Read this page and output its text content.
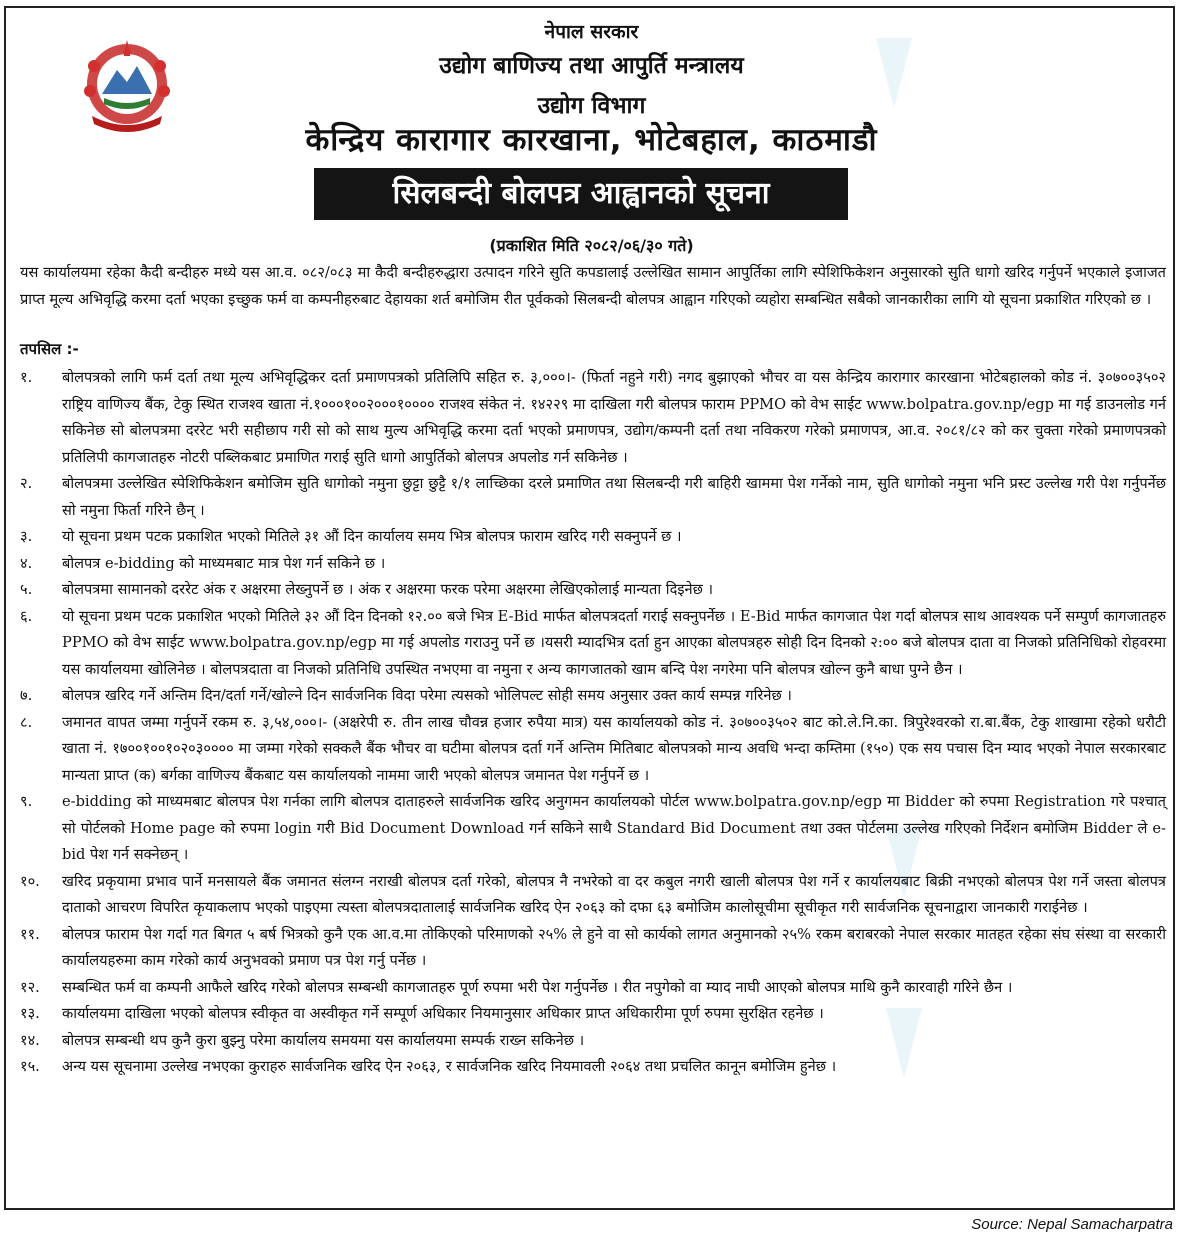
नेपाल सरकार
उद्योग बाणिज्य तथा आपुर्ति मन्त्रालय
उद्योग विभाग
केन्द्रिय कारागार कारखाना, भोटेबहाल, काठमाडौ
सिलबन्दी बोलपत्र आह्वानको सूचना
(प्रकाशित मिति २०८२/०६/३० गते)
यस कार्यालयमा रहेका केैदी बन्दीहरु मध्ये यस आ.व. ०८२/०८३ मा केैदी बन्दीहरुद्धारा उत्पादन गरिने सुति कपडालाई उल्लेखित सामान आपुर्तिका लागि स्पेशिफिकेशन अनुसारको सुति धागो खरिद गर्नुपर्ने भएकाले इजाजत प्राप्त मूल्य अभिवृद्धि करमा दर्ता भएका इच्छुक फर्म वा कम्पनीहरुबाट देहायका शर्त बमोजिम रीत पूर्वकको सिलबन्दी बोलपत्र आह्वान गरिएको व्यहोरा सम्बन्धित सबैको जानकारीका लागि यो सूचना प्रकाशित गरिएको छ ।
तपसिल :-
१.	बोलपत्रको लागि फर्म दर्ता तथा मूल्य अभिवृद्धिकर दर्ता प्रमाणपत्रको प्रतिलिपि सहित रु. ३,०००।- (फिर्ता नहुने गरी) नगद बुझाएको भौचर वा यस केन्द्रिय कारागार कारखाना भोटेबहालको कोड नं. ३०७००३५०२ राष्ट्रिय वाणिज्य बैंक, टेकु स्थित राजश्व खाता नं.१०००१००२०००१०००० राजश्व संकेत नं. १४२२९ मा दाखिला गरी बोलपत्र फाराम PPMO को वेभ साईट www.bolpatra.gov.np/egp मा गई डाउनलोड गर्न सकिनेछ सो बोलपत्रमा दररेट भरी सहीछाप गरी सो को साथ मुल्य अभिवृद्धि करमा दर्ता भएको प्रमाणपत्र, उद्योग/कम्पनी दर्ता तथा नविकरण गरेको प्रमाणपत्र, आ.व. २०८१/८२ को कर चुक्ता गरेको प्रमाणपत्रको प्रतिलिपी कागजातहरु नोटरी पब्लिकबाट प्रमाणित गराई सुति धागो आपुर्तिको बोलपत्र अपलोड गर्न सकिनेछ ।
२.	बोलपत्रमा उल्लेखित स्पेशिफिकेशन बमोजिम सुति धागोको नमुना छुट्टा छुट्टै १/१ लाच्छिका दरले प्रमाणित तथा सिलबन्दी गरी बाहिरी खाममा पेश गर्नेको नाम, सुति धागोको नमुना भनि प्रस्ट उल्लेख गरी पेश गर्नुपर्नेछ सो नमुना फिर्ता गरिने छैन् ।
३.	यो सूचना प्रथम पटक प्रकाशित भएको मितिले ३१ औं दिन कार्यालय समय भित्र बोलपत्र फाराम खरिद गरी सक्नुपर्ने छ ।
४.	बोलपत्र e-bidding को माध्यमबाट मात्र पेश गर्न सकिने छ ।
५.	बोलपत्रमा सामानको दररेट अंक र अक्षरमा लेख्नुपर्ने छ । अंक र अक्षरमा फरक परेमा अक्षरमा लेखिएकोलाई मान्यता दिइनेछ ।
६.	यो सूचना प्रथम पटक प्रकाशित भएको मितिले ३२ औं दिन दिनको १२.०० बजे भित्र E-Bid मार्फत बोलपत्रदर्ता गराई सक्नुपर्नेछ । E-Bid मार्फत कागजात पेश गर्दा बोलपत्र साथ आवश्यक पर्ने सम्पुर्ण कागजातहरु PPMO को वेभ साईट www.bolpatra.gov.np/egp मा गई अपलोड गराउनु पर्ने छ ।यसरी म्यादभित्र दर्ता हुन आएका बोलपत्रहरु सोही दिन दिनको २:०० बजे बोलपत्र दाता वा निजको प्रतिनिधिको रोहवरमा यस कार्यालयमा खोलिनेछ । बोलपत्रदाता वा निजको प्रतिनिधि उपस्थित नभएमा वा नमुना र अन्य कागजातको खाम बन्दि पेश नगरेमा पनि बोलपत्र खोल्न कुनै बाधा पुग्ने छैन ।
७.	बोलपत्र खरिद गर्ने अन्तिम दिन/दर्ता गर्ने/खोल्ने दिन सार्वजनिक विदा परेमा त्यसको भोलिपल्ट सोही समय अनुसार उक्त कार्य सम्पन्न गरिनेछ ।
८.	जमानत वापत जम्मा गर्नुपर्ने रकम रु. ३,५४,०००।- (अक्षरेपी रु. तीन लाख चौवन्न हजार रुपैया मात्र) यस कार्यालयको कोड नं. ३०७००३५०२ बाट को.ले.नि.का. त्रिपुरेश्वरको रा.बा.बैंक, टेकु शाखामा रहेको धरौटी खाता नं. १७००१००१०२०३०००० मा जम्मा गरेको सक्कलै बैंक भौचर वा घटीमा बोलपत्र दर्ता गर्ने अन्तिम मितिबाट बोलपत्रको मान्य अवधि भन्दा कम्तिमा (१५०) एक सय पचास दिन म्याद भएको नेपाल सरकारबाट मान्यता प्राप्त (क) बर्गका वाणिज्य बैंकबाट यस कार्यालयको नाममा जारी भएको बोलपत्र जमानत पेश गर्नुपर्ने छ ।
९.	e-bidding को माध्यमबाट बोलपत्र पेश गर्नका लागि बोलपत्र दाताहरुले सार्वजनिक खरिद अनुगमन कार्यालयको पोर्टल www.bolpatra.gov.np/egp मा Bidder को रुपमा Registration गरे पश्चात् सो पोर्टलको Home page को रुपमा login गरी Bid Document Download गर्न सकिने साथै Standard Bid Document तथा उक्त पोर्टलमा उल्लेख गरिएको निर्देशन बमोजिम Bidder ले e-bid पेश गर्न सक्नेछन् ।
१०.	खरिद प्रकृयामा प्रभाव पार्ने मनसायले बैंक जमानत संलग्न नराखी बोलपत्र दर्ता गरेको, बोलपत्र नै नभरेको वा दर कबुल नगरी खाली बोलपत्र पेश गर्ने र कार्यालयबाट बिक्री नभएको बोलपत्र पेश गर्ने जस्ता बोलपत्र दाताको आचरण विपरित कृयाकलाप भएको पाइएमा त्यस्ता बोलपत्रदातालाई सार्वजनिक खरिद ऐन २०६३ को दफा ६३ बमोजिम कालोसूचीमा सूचीकृत गरी सार्वजनिक सूचनाद्वारा जानकारी गराईनेछ ।
११.	बोलपत्र फाराम पेश गर्दा गत बिगत ५ बर्ष भित्रको कुनै एक आ.व.मा तोकिएको परिमाणको २५% ले हुने वा सो कार्यको लागत अनुमानको २५% रकम बराबरको नेपाल सरकार मातहत रहेका संघ संस्था वा सरकारी कार्यालयहरुमा काम गरेको कार्य अनुभवको प्रमाण पत्र पेश गर्नु पर्नेछ ।
१२.	सम्बन्धित फर्म वा कम्पनी आफैले खरिद गरेको बोलपत्र सम्बन्धी कागजातहरु पूर्ण रुपमा भरी पेश गर्नुपर्नेछ । रीत नपुगेको वा म्याद नाघी आएको बोलपत्र माथि कुनै कारवाही गरिने छैन ।
१३.	कार्यालयमा दाखिला भएको बोलपत्र स्वीकृत वा अस्वीकृत गर्ने सम्पूर्ण अधिकार नियमानुसार अधिकार प्राप्त अधिकारीमा पूर्ण रुपमा सुरक्षित रहनेछ ।
१४.	बोलपत्र सम्बन्धी थप कुनै कुरा बुझ्नु परेमा कार्यालय समयमा यस कार्यालयमा सम्पर्क राख्न सकिनेछ ।
१५.	अन्य यस सूचनामा उल्लेख नभएका कुराहरु सार्वजनिक खरिद ऐन २०६३, र सार्वजनिक खरिद नियमावली २०६४ तथा प्रचलित कानून बमोजिम हुनेछ ।
Source: Nepal Samacharpatra
